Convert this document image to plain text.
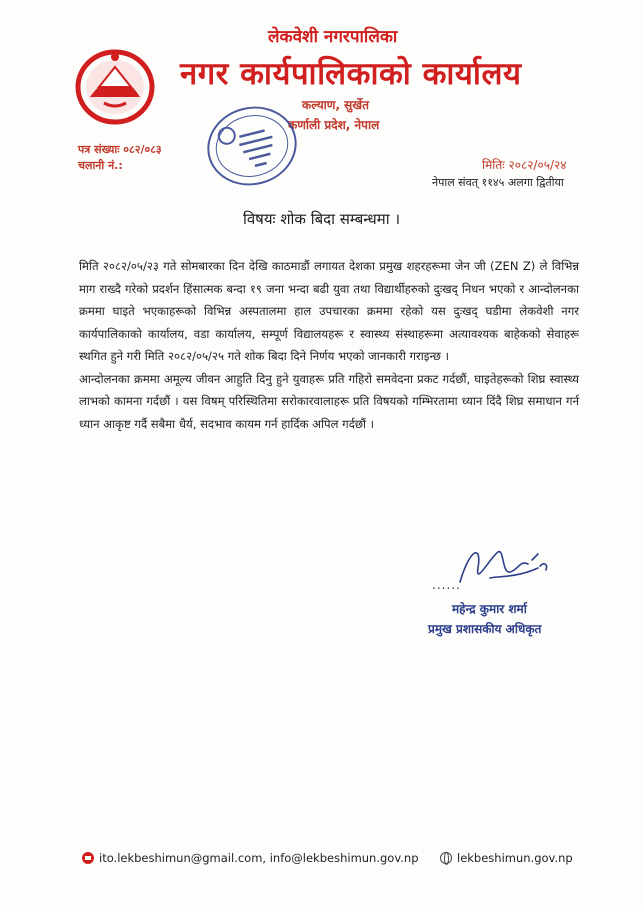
लेकवेशी नगरपालिका
नगर कार्यपालिकाको कार्यालय
कल्याण, सुर्खेत
कर्णाली प्रदेश, नेपाल
पत्र संख्याः ०८२/०८३
चलानी नं.:	मितिः २०८२/०५/२४
नेपाल संवत् ११४५ अलगा द्वितीया
विषयः शोक बिदा सम्बन्धमा ।

मिति २०८२/०५/२३ गते सोमबारका दिन देखि काठमाडौं लगायत देशका प्रमुख शहरहरूमा जेन जी (ZEN Z) ले विभिन्न माग राख्दै गरेको प्रदर्शन हिंसात्मक बन्दा १९ जना भन्दा बढी युवा तथा विद्यार्थीहरुको दुःखद् निधन भएको र आन्दोलनका क्रममा घाइते भएकाहरूको विभिन्न अस्पतालमा हाल उपचारका क्रममा रहेको यस दुःखद् घडीमा लेकवेशी नगर कार्यपालिकाको कार्यालय, वडा कार्यालय, सम्पूर्ण विद्यालयहरू र स्वास्थ्य संस्थाहरूमा अत्यावश्यक बाहेकको सेवाहरू स्थगित हुने गरी मिति २०८२/०५/२५ गते शोक बिदा दिने निर्णय भएको जानकारी गराइन्छ ।

आन्दोलनका क्रममा अमूल्य जीवन आहुति दिनु हुने युवाहरू प्रति गहिरो समवेदना प्रकट गर्दछौं, घाइतेहरूको शिघ्र स्वास्थ्य लाभको कामना गर्दछौं । यस विषम् परिस्थितिमा सरोकारवालाहरू प्रति विषयको गम्भिरतामा ध्यान दिंदै शिघ्र समाधान गर्न ध्यान आकृष्ट गर्दै सबैमा धैर्य, सदभाव कायम गर्न हार्दिक अपिल गर्दछौं ।

......
महेन्द्र कुमार शर्मा
प्रमुख प्रशासकीय अधिकृत
ito.lekbeshimun@gmail.com, info@lekbeshimun.gov.np	lekbeshimun.gov.np
